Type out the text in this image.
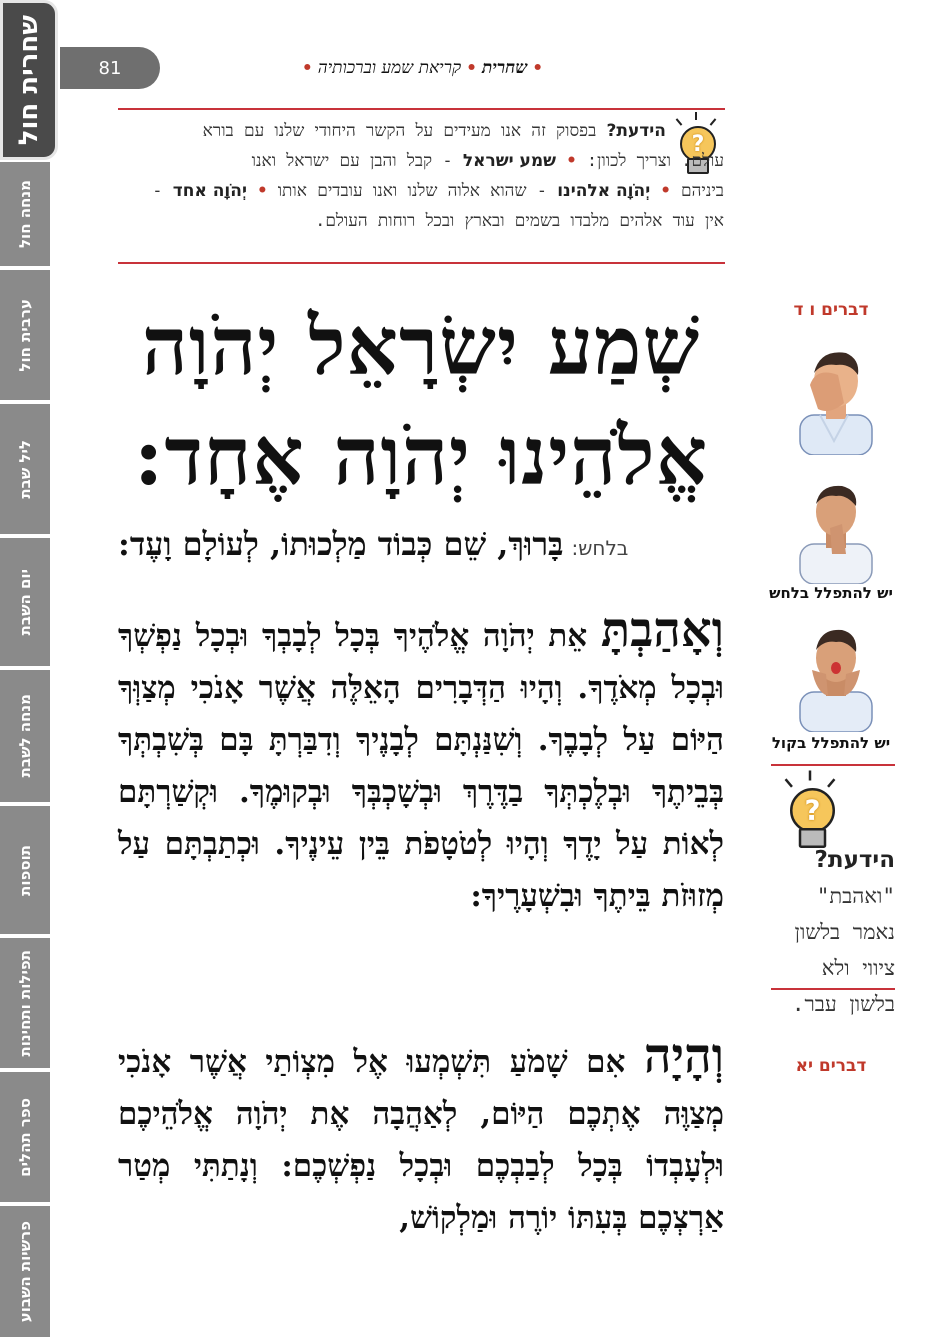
שחרית חול
מנחה חול
ערבית חול
ליל שבת
יום השבת
מנחה לשבת
תוספות
תפילות ותחינות
ספר תהלים
פרשיות השבוע
81	•שחרית•קריאת שמע וברכותיה•
?
הידעת? בפסוק זה אנו מעידים על הקשר היחודי שלנו עם בורא
עולם. וצריך לכוון: • שמע ישראל - קבל והבן עם ישראל ואנו
ביניהם • יְהֹוָה אלהינו - שהוא אלוה שלנו ואנו עובדים אותו • יְהֹוָה אחד -
אין עוד אלהים מלבדו בשמים ובארץ ובכל רוחות העולם.
שְׁמַע יִשְׂרָאֵל יְהֹוָה
אֱלֹהֵינוּ יְהֹוָה אֶחָד:
בלחש:בָּרוּךְ, שֵׁם כְּבוֹד מַלְכוּתוֹ, לְעוֹלָם וָעֶד:
וְאָהַבְתָּ אֵת יְהֹוָה אֱלֹהֶיךָ בְּכָל לְבָבְךָ וּבְכָל נַפְשְׁךָ וּבְכָל מְאֹדֶךָ. וְהָיוּ הַדְּבָרִים הָאֵלֶּה אֲשֶׁר אָנֹכִי מְצַוְּךָ הַיּוֹם עַל לְבָבֶךָ. וְשִׁנַּנְתָּם לְבָנֶיךָ וְדִבַּרְתָּ בָּם בְּשִׁבְתְּךָ בְּבֵיתֶךָ וּבְלֶכְתְּךָ בַדֶּרֶךְ וּבְשָׁכְבְּךָ וּבְקוּמֶךָ. וּקְשַׁרְתָּם לְאוֹת עַל יָדֶךָ וְהָיוּ לְטֹטָפֹת בֵּין עֵינֶיךָ. וּכְתַבְתָּם עַל מְזוּזֹת בֵּיתֶךָ וּבִשְׁעָרֶיךָ:
וְהָיָה אִם שָׁמֹעַ תִּשְׁמְעוּ אֶל מִצְוֹתַי אֲשֶׁר אָנֹכִי מְצַוֶּה אֶתְכֶם הַיּוֹם, לְאַהֲבָה אֶת יְהֹוָה אֱלֹהֵיכֶם וּלְעָבְדוֹ בְּכָל לְבַבְכֶם וּבְכָל נַפְשְׁכֶם: וְנָתַתִּי מְטַר אַרְצְכֶם בְּעִתּוֹ יוֹרֶה וּמַלְקוֹשׁ,
דברים ו ד
יש להתפלל בלחש
יש להתפלל בקול
?
הידעת?
"ואהבת" נאמר בלשון ציווי ולא בלשון עבר.
דברים יא
